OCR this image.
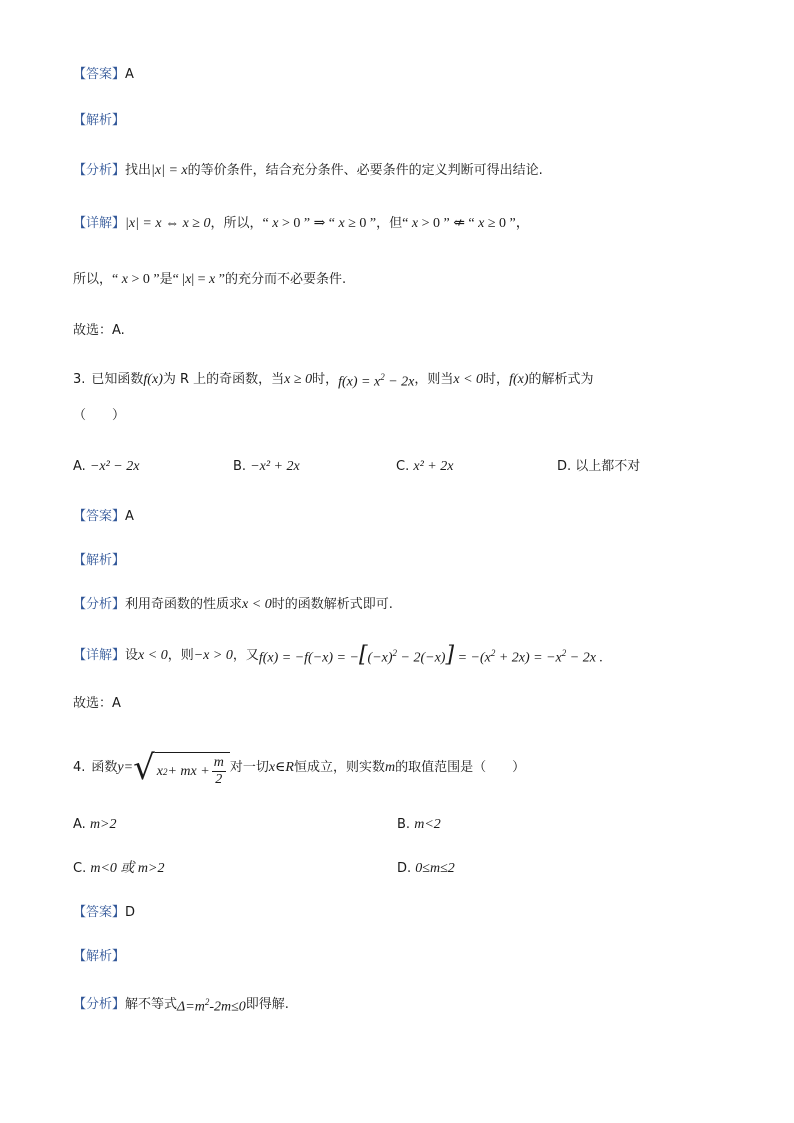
【答案】 A
【解析】
【分析】 找出 |x| = x 的等价条件，结合充分条件、必要条件的定义判断可得出结论.
【详解】 |x| = x ⇔ x ≥ 0 ，所以， “ x > 0 ” ⇒ “ x ≥ 0 ” ，但 “ x > 0 ” ⇍ “ x ≥ 0 ”，
所以， “ x > 0 ” 是 “ |x| = x ” 的充分而不必要条件.
故选：A.
3. 已知函数 f(x) 为 R 上的奇函数，当 x ≥ 0 时， $f(x) = x^2 - 2x$ ，则当 x < 0 时， f(x) 的解析式为
（　　）
A. −x² − 2x	B. −x² + 2x	C. x² + 2x	D. 以上都不对
【答案】 A
【解析】
【分析】 利用奇函数的性质求 x < 0 时的函数解析式即可.
【详解】 设 x < 0 ，则 −x > 0 ，又 $f(x) = -f(-x) = -[(-x)^2 - 2(-x)] = -(x^2 + 2x) = -x^2 - 2x$ .
故选：A
4. 函数 y= √ x 2 + mx + $\frac{m}{2}$ 对一切 x∈R 恒成立，则实数 m 的取值范围是（　　）
A. m>2	B. m<2
C. m<0 或 m>2	D. 0≤m≤2
【答案】 D
【解析】
【分析】 解不等式 $\Delta=m^2-2m\le 0$ 即得解.
